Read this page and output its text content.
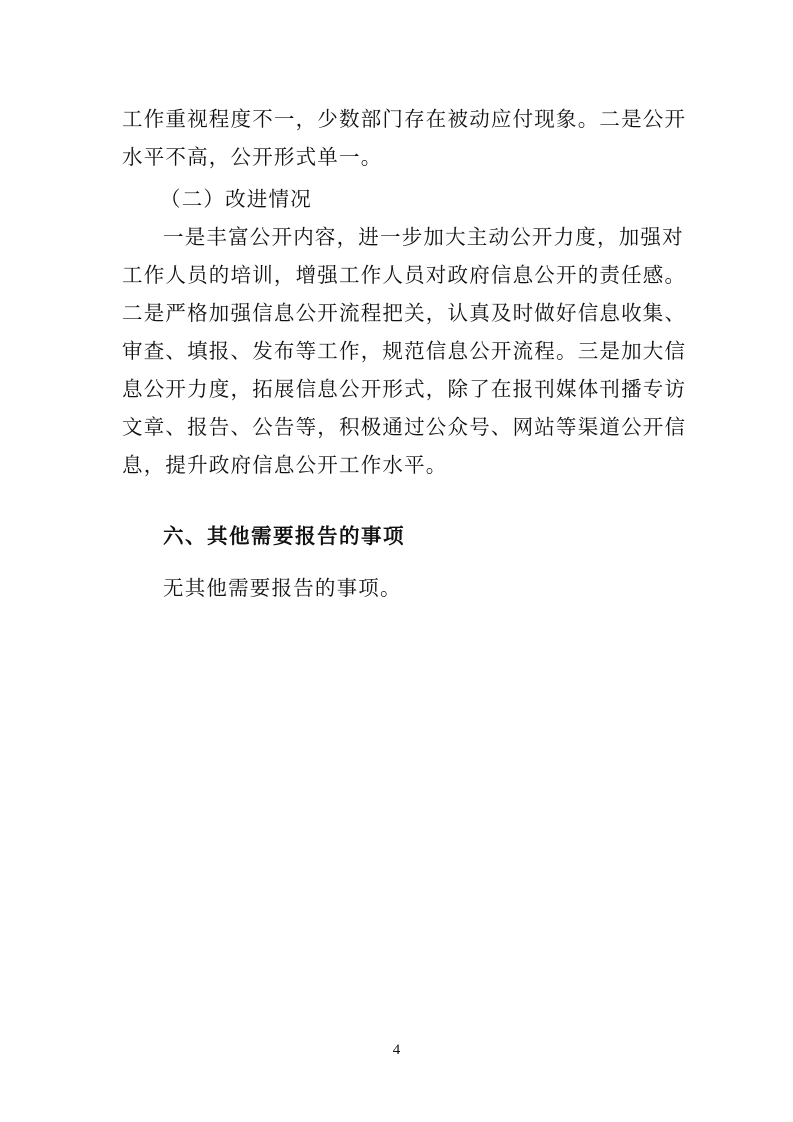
工作重视程度不一，少数部门存在被动应付现象。二是公开
水平不高，公开形式单一。
（二）改进情况
一是丰富公开内容，进一步加大主动公开力度，加强对
工作人员的培训，增强工作人员对政府信息公开的责任感。
二是严格加强信息公开流程把关，认真及时做好信息收集、
审查、填报、发布等工作，规范信息公开流程。三是加大信
息公开力度，拓展信息公开形式，除了在报刊媒体刊播专访
文章、报告、公告等，积极通过公众号、网站等渠道公开信
息，提升政府信息公开工作水平。
六、其他需要报告的事项
无其他需要报告的事项。
4
